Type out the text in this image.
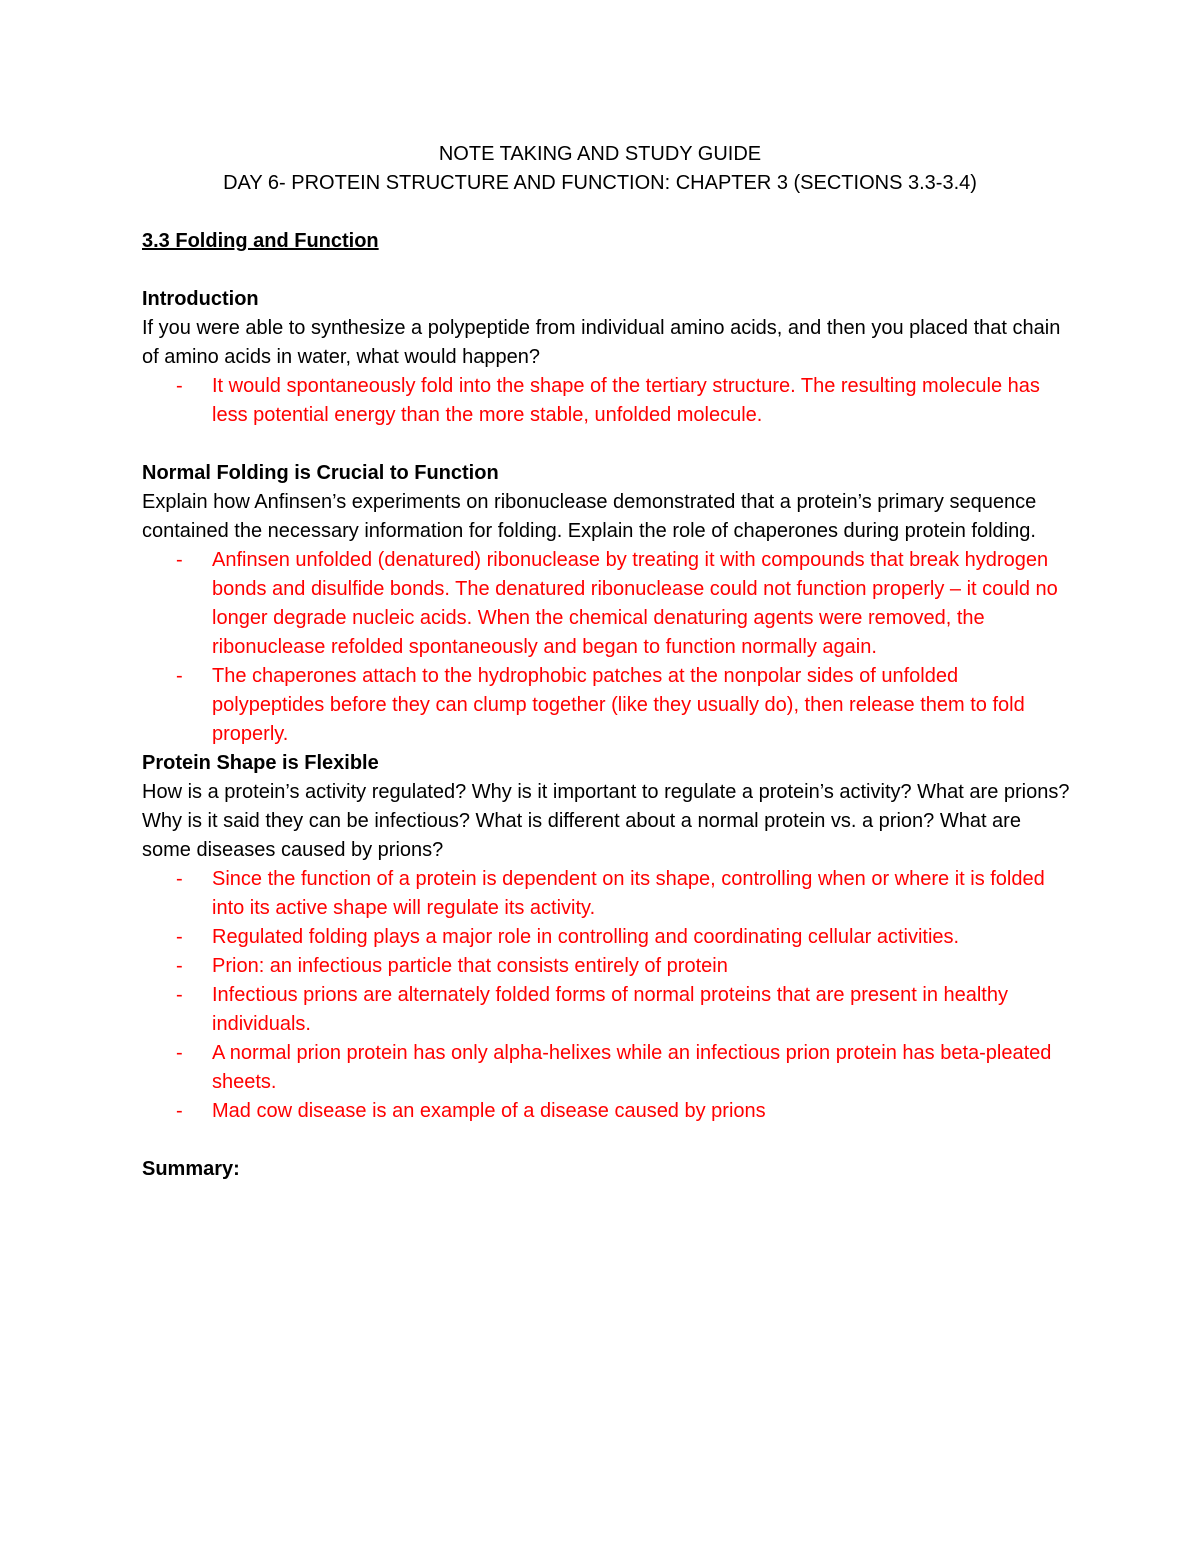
NOTE TAKING AND STUDY GUIDE

DAY 6- PROTEIN STRUCTURE AND FUNCTION: CHAPTER 3 (SECTIONS 3.3-3.4)

3.3 Folding and Function

Introduction

If you were able to synthesize a polypeptide from individual amino acids, and then you placed that chain of amino acids in water, what would happen?

- It would spontaneously fold into the shape of the tertiary structure. The resulting molecule has less potential energy than the more stable, unfolded molecule.

Normal Folding is Crucial to Function

Explain how Anfinsen’s experiments on ribonuclease demonstrated that a protein’s primary sequence contained the necessary information for folding. Explain the role of chaperones during protein folding.

- Anfinsen unfolded (denatured) ribonuclease by treating it with compounds that break hydrogen bonds and disulfide bonds. The denatured ribonuclease could not function properly – it could no longer degrade nucleic acids. When the chemical denaturing agents were removed, the ribonuclease refolded spontaneously and began to function normally again.
- The chaperones attach to the hydrophobic patches at the nonpolar sides of unfolded polypeptides before they can clump together (like they usually do), then release them to fold properly.

Protein Shape is Flexible

How is a protein’s activity regulated? Why is it important to regulate a protein’s activity? What are prions? Why is it said they can be infectious? What is different about a normal protein vs. a prion? What are some diseases caused by prions?

- Since the function of a protein is dependent on its shape, controlling when or where it is folded into its active shape will regulate its activity.
- Regulated folding plays a major role in controlling and coordinating cellular activities.
- Prion: an infectious particle that consists entirely of protein
- Infectious prions are alternately folded forms of normal proteins that are present in healthy individuals.
- A normal prion protein has only alpha-helixes while an infectious prion protein has beta-pleated sheets.
- Mad cow disease is an example of a disease caused by prions

Summary:
